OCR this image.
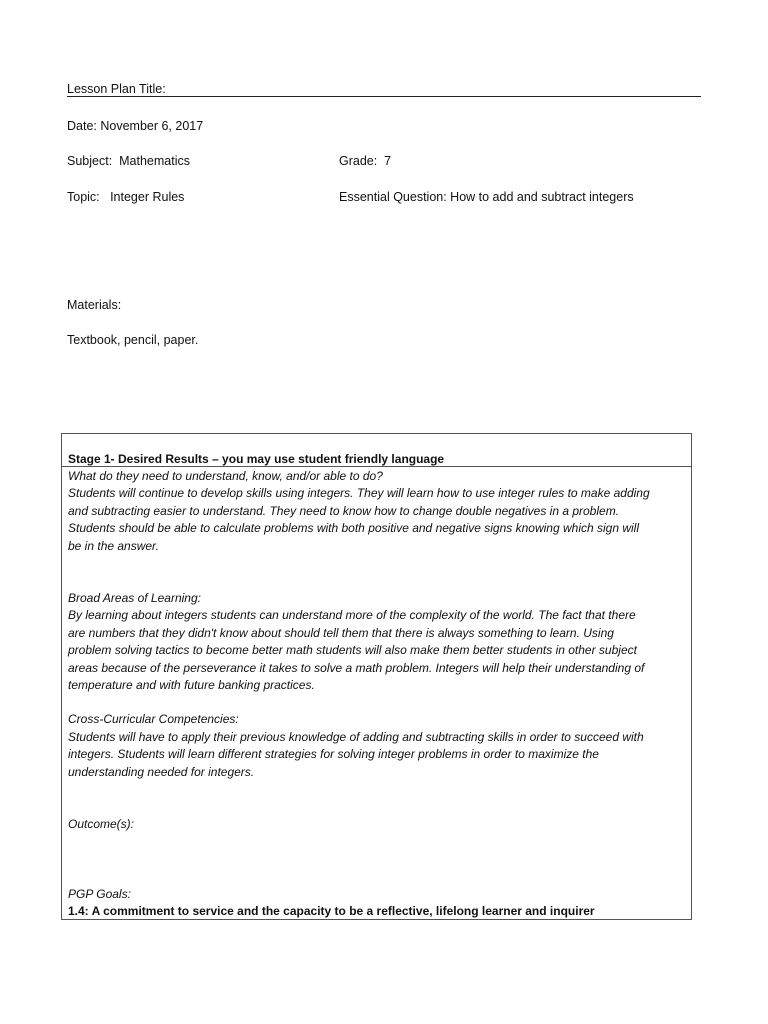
Lesson Plan Title:
Date: November 6, 2017
Subject: Mathematics	Grade: 7
Topic: Integer Rules	Essential Question: How to add and subtract integers
Materials:
Textbook, pencil, paper.
Stage 1- Desired Results – you may use student friendly language

What do they need to understand, know, and/or able to do?

Students will continue to develop skills using integers. They will learn how to use integer rules to make adding

and subtracting easier to understand. They need to know how to change double negatives in a problem.

Students should be able to calculate problems with both positive and negative signs knowing which sign will

be in the answer.

Broad Areas of Learning:

By learning about integers students can understand more of the complexity of the world. The fact that there

are numbers that they didn't know about should tell them that there is always something to learn. Using

problem solving tactics to become better math students will also make them better students in other subject

areas because of the perseverance it takes to solve a math problem. Integers will help their understanding of

temperature and with future banking practices.

Cross-Curricular Competencies:

Students will have to apply their previous knowledge of adding and subtracting skills in order to succeed with

integers. Students will learn different strategies for solving integer problems in order to maximize the

understanding needed for integers.

Outcome(s):

PGP Goals:

1.4: A commitment to service and the capacity to be a reflective, lifelong learner and inquirer
